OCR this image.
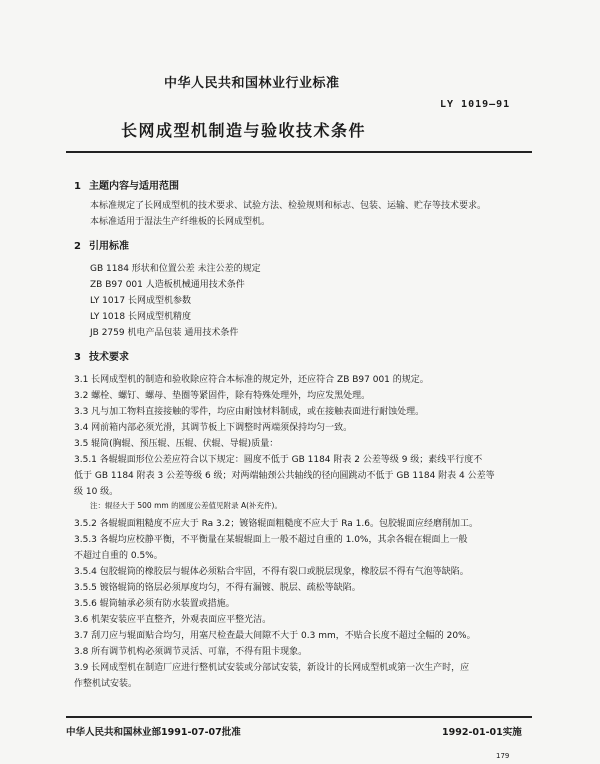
中华人民共和国林业行业标准
LY 1019—91
长网成型机制造与验收技术条件
1 主题内容与适用范围
本标准规定了长网成型机的技术要求、试验方法、检验规则和标志、包装、运输、贮存等技术要求。
本标准适用于湿法生产纤维板的长网成型机。
2 引用标准
GB 1184 形状和位置公差 未注公差的规定
ZB B97 001 人造板机械通用技术条件
LY 1017 长网成型机参数
LY 1018 长网成型机精度
JB 2759 机电产品包装 通用技术条件
3 技术要求
3.1 长网成型机的制造和验收除应符合本标准的规定外，还应符合 ZB B97 001 的规定。
3.2 螺栓、螺钉、螺母、垫圈等紧固件，除有特殊处理外，均应发黑处理。
3.3 凡与加工物料直接接触的零件，均应由耐蚀材料制成，或在接触表面进行耐蚀处理。
3.4 网前箱内部必须光滑，其调节板上下调整时两端须保持均匀一致。
3.5 辊筒(胸辊、预压辊、压辊、伏辊、导辊)质量：
3.5.1 各辊辊面形位公差应符合以下规定：圆度不低于 GB 1184 附表 2 公差等级 9 级；素线平行度不
低于 GB 1184 附表 3 公差等级 6 级；对两端轴颈公共轴线的径向圆跳动不低于 GB 1184 附表 4 公差等
级 10 级。
注：辊径大于 500 mm 的圆度公差值见附录 A(补充件)。
3.5.2 各辊辊面粗糙度不应大于 Ra 3.2；镀铬辊面粗糙度不应大于 Ra 1.6。包胶辊面应经磨削加工。
3.5.3 各辊均应校静平衡，不平衡量在某辊辊面上一般不超过自重的 1.0%，其余各辊在辊面上一般
不超过自重的 0.5%。
3.5.4 包胶辊筒的橡胶层与辊体必须粘合牢固，不得有裂口或脱层现象，橡胶层不得有气泡等缺陷。
3.5.5 镀铬辊筒的铬层必须厚度均匀，不得有漏镀、脱层、疏松等缺陷。
3.5.6 辊筒轴承必须有防水装置或措施。
3.6 机架安装应平直整齐，外观表面应平整光洁。
3.7 刮刀应与辊面贴合均匀，用塞尺检查最大间隙不大于 0.3 mm，不贴合长度不超过全幅的 20%。
3.8 所有调节机构必须调节灵活、可靠，不得有阻卡现象。
3.9 长网成型机在制造厂应进行整机试安装或分部试安装，新设计的长网成型机或第一次生产时，应
作整机试安装。
中华人民共和国林业部1991-07-07批准	1992-01-01实施
179
